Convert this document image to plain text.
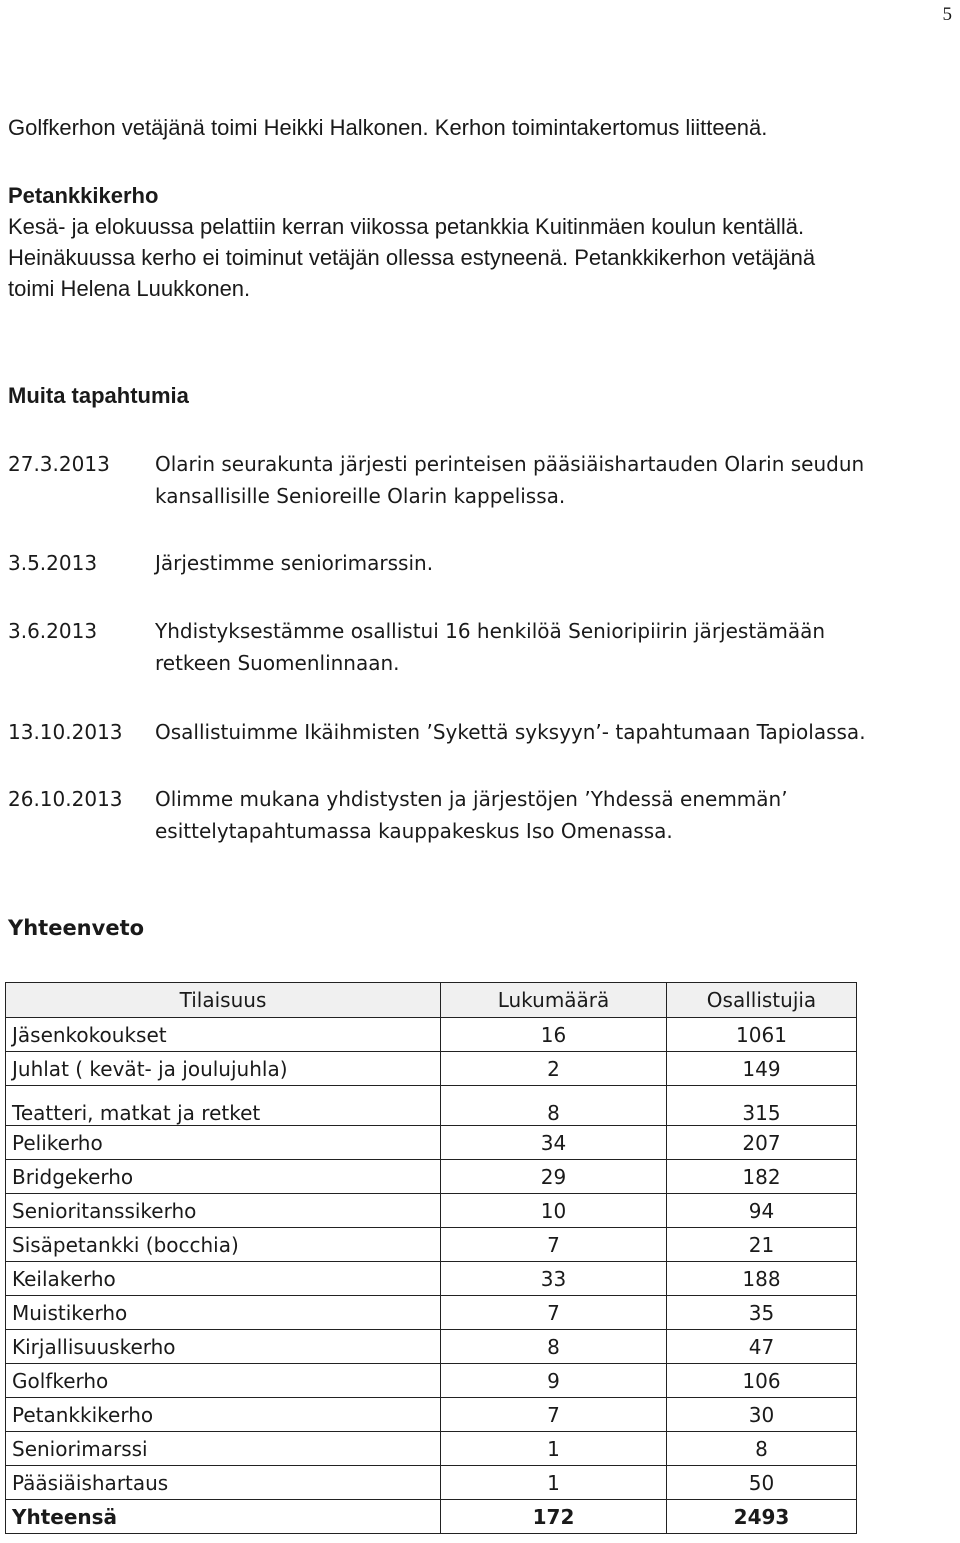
5

Golfkerhon vetäjänä toimi Heikki Halkonen. Kerhon toimintakertomus liitteenä.

Petankkikerho

Kesä- ja elokuussa pelattiin kerran viikossa petankkia Kuitinmäen koulun kentällä.

Heinäkuussa kerho ei toiminut vetäjän ollessa estyneenä. Petankkikerhon vetäjänä

toimi Helena Luukkonen.

Muita tapahtumia

27.3.2013	Olarin seurakunta järjesti perinteisen pääsiäishartauden Olarin seudun
kansallisille Senioreille Olarin kappelissa.
3.5.2013	Järjestimme seniorimarssin.
3.6.2013	Yhdistyksestämme osallistui 16 henkilöä Senioripiirin järjestämään
retkeen Suomenlinnaan.
13.10.2013	Osallistuimme Ikäihmisten ’Sykettä syksyyn’- tapahtumaan Tapiolassa.
26.10.2013	Olimme mukana yhdistysten ja järjestöjen ’Yhdessä enemmän’
esittelytapahtumassa kauppakeskus Iso Omenassa.

Yhteenveto

Tilaisuus	Lukumäärä	Osallistujia
Jäsenkokoukset	16	1061
Juhlat ( kevät- ja joulujuhla)	2	149
Teatteri, matkat ja retket	8	315
Pelikerho	34	207
Bridgekerho	29	182
Senioritanssikerho	10	94
Sisäpetankki (bocchia)	7	21
Keilakerho	33	188
Muistikerho	7	35
Kirjallisuuskerho	8	47
Golfkerho	9	106
Petankkikerho	7	30
Seniorimarssi	1	8
Pääsiäishartaus	1	50
Yhteensä	172	2493
